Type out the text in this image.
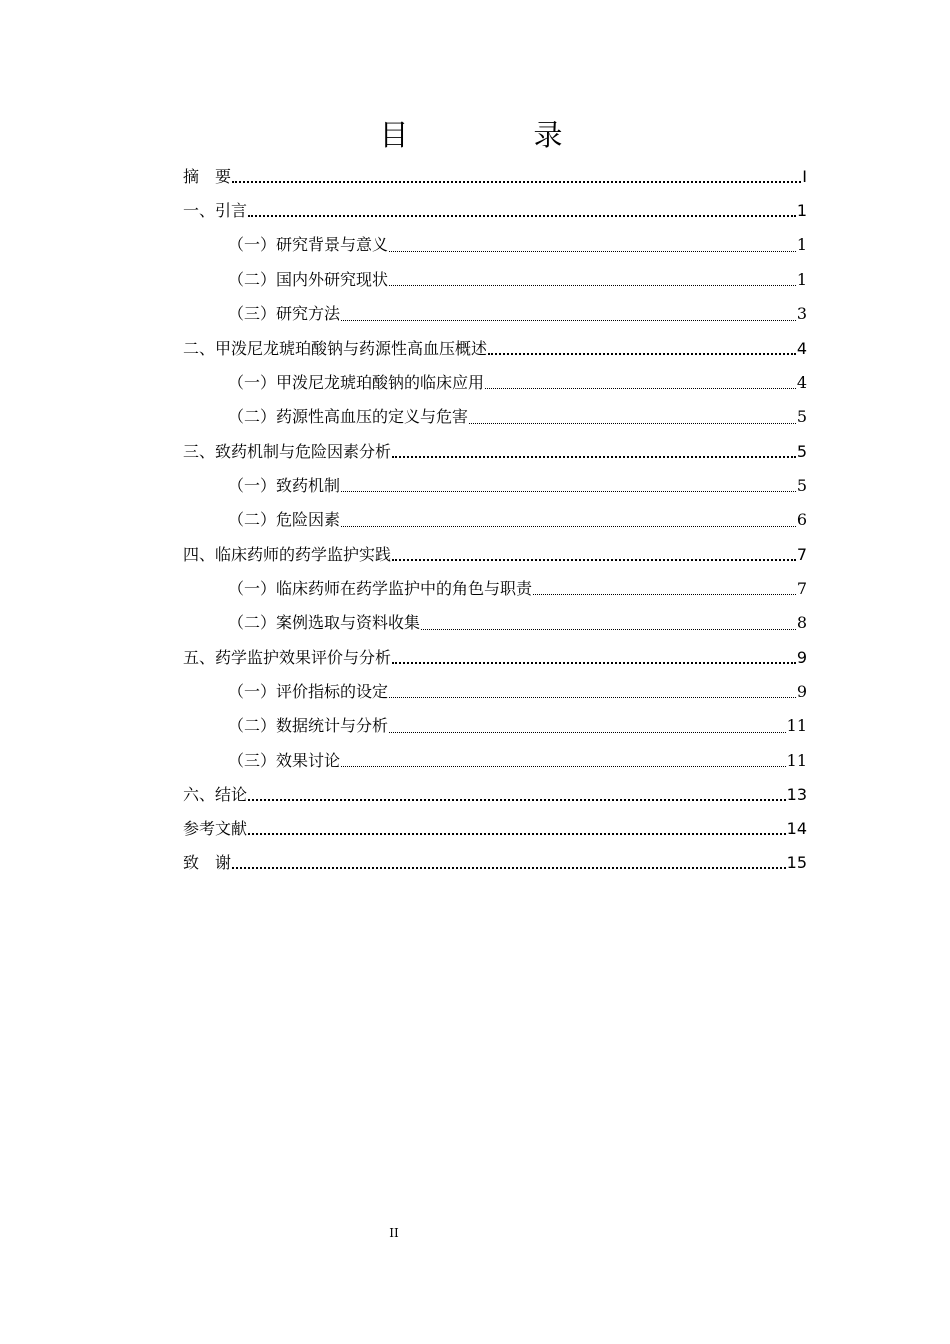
目　录
摘　要	I
一、引言	1
（一）研究背景与意义	1
（二）国内外研究现状	1
（三）研究方法	3
二、甲泼尼龙琥珀酸钠与药源性高血压概述	4
（一）甲泼尼龙琥珀酸钠的临床应用	4
（二）药源性高血压的定义与危害	5
三、致药机制与危险因素分析	5
（一）致药机制	5
（二）危险因素	6
四、临床药师的药学监护实践	7
（一）临床药师在药学监护中的角色与职责	7
（二）案例选取与资料收集	8
五、药学监护效果评价与分析	9
（一）评价指标的设定	9
（二）数据统计与分析	11
（三）效果讨论	11
六、结论	13
参考文献	14
致　谢	15
II
